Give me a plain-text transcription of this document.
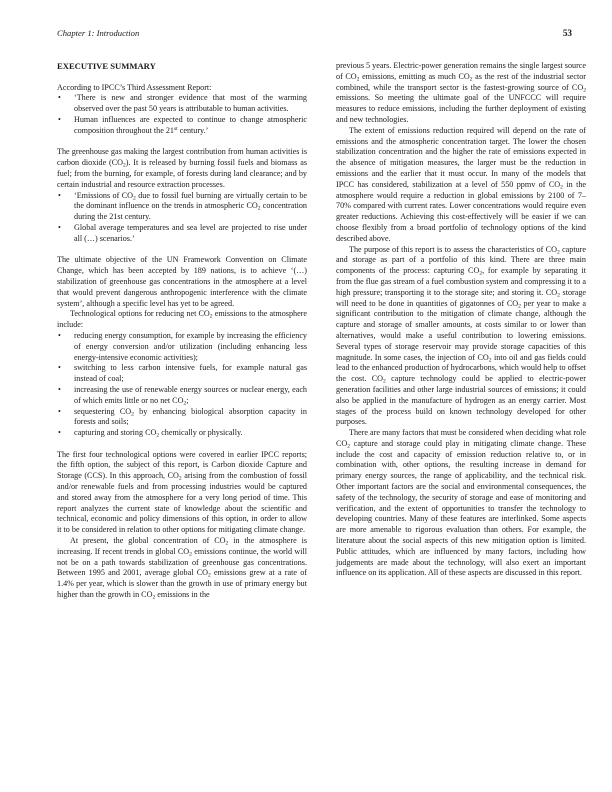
Chapter 1: Introduction	53
EXECUTIVE SUMMARY

According to IPCC’s Third Assessment Report:

• ‘There is new and stronger evidence that most of the warming observed over the past 50 years is attributable to human activities.
• Human influences are expected to continue to change atmospheric composition throughout the 21st century.’

The greenhouse gas making the largest contribution from human activities is carbon dioxide $(CO_2)$. It is released by burning fossil fuels and biomass as fuel; from the burning, for example, of forests during land clearance; and by certain industrial and resource extraction processes.

• ‘Emissions of $CO_2$ due to fossil fuel burning are virtually certain to be the dominant influence on the trends in atmospheric $CO_2$ concentration during the 21st century.
• Global average temperatures and sea level are projected to rise under all (…) scenarios.’

The ultimate objective of the UN Framework Convention on Climate Change, which has been accepted by 189 nations, is to achieve ‘(…) stabilization of greenhouse gas concentrations in the atmosphere at a level that would prevent dangerous anthropogenic interference with the climate system’, although a specific level has yet to be agreed.

Technological options for reducing net $CO_2$ emissions to the atmosphere include:

• reducing energy consumption, for example by increasing the efficiency of energy conversion and/or utilization (including enhancing less energy-intensive economic activities);
• switching to less carbon intensive fuels, for example natural gas instead of coal;
• increasing the use of renewable energy sources or nuclear energy, each of which emits little or no net $CO_2$;
• sequestering $CO_2$ by enhancing biological absorption capacity in forests and soils;
• capturing and storing $CO_2$ chemically or physically.

The first four technological options were covered in earlier IPCC reports; the fifth option, the subject of this report, is Carbon dioxide Capture and Storage (CCS). In this approach, $CO_2$ arising from the combustion of fossil and/or renewable fuels and from processing industries would be captured and stored away from the atmosphere for a very long period of time. This report analyzes the current state of knowledge about the scientific and technical, economic and policy dimensions of this option, in order to allow it to be considered in relation to other options for mitigating climate change.

At present, the global concentration of $CO_2$ in the atmosphere is increasing. If recent trends in global $CO_2$ emissions continue, the world will not be on a path towards stabilization of greenhouse gas concentrations. Between 1995 and 2001, average global $CO_2$ emissions grew at a rate of 1.4% per year, which is slower than the growth in use of primary energy but higher than the growth in $CO_2$ emissions in the

previous 5 years. Electric-power generation remains the single largest source of $CO_2$ emissions, emitting as much $CO_2$ as the rest of the industrial sector combined, while the transport sector is the fastest-growing source of $CO_2$ emissions. So meeting the ultimate goal of the UNFCCC will require measures to reduce emissions, including the further deployment of existing and new technologies.

The extent of emissions reduction required will depend on the rate of emissions and the atmospheric concentration target. The lower the chosen stabilization concentration and the higher the rate of emissions expected in the absence of mitigation measures, the larger must be the reduction in emissions and the earlier that it must occur. In many of the models that IPCC has considered, stabilization at a level of 550 ppmv of $CO_2$ in the atmosphere would require a reduction in global emissions by 2100 of 7–70% compared with current rates. Lower concentrations would require even greater reductions. Achieving this cost-effectively will be easier if we can choose flexibly from a broad portfolio of technology options of the kind described above.

The purpose of this report is to assess the characteristics of $CO_2$ capture and storage as part of a portfolio of this kind. There are three main components of the process: capturing $CO_2$, for example by separating it from the flue gas stream of a fuel combustion system and compressing it to a high pressure; transporting it to the storage site; and storing it. $CO_2$ storage will need to be done in quantities of gigatonnes of $CO_2$ per year to make a significant contribution to the mitigation of climate change, although the capture and storage of smaller amounts, at costs similar to or lower than alternatives, would make a useful contribution to lowering emissions. Several types of storage reservoir may provide storage capacities of this magnitude. In some cases, the injection of $CO_2$ into oil and gas fields could lead to the enhanced production of hydrocarbons, which would help to offset the cost. $CO_2$ capture technology could be applied to electric-power generation facilities and other large industrial sources of emissions; it could also be applied in the manufacture of hydrogen as an energy carrier. Most stages of the process build on known technology developed for other purposes.

There are many factors that must be considered when deciding what role $CO_2$ capture and storage could play in mitigating climate change. These include the cost and capacity of emission reduction relative to, or in combination with, other options, the resulting increase in demand for primary energy sources, the range of applicability, and the technical risk. Other important factors are the social and environmental consequences, the safety of the technology, the security of storage and ease of monitoring and verification, and the extent of opportunities to transfer the technology to developing countries. Many of these features are interlinked. Some aspects are more amenable to rigorous evaluation than others. For example, the literature about the social aspects of this new mitigation option is limited. Public attitudes, which are influenced by many factors, including how judgements are made about the technology, will also exert an important influence on its application. All of these aspects are discussed in this report.
